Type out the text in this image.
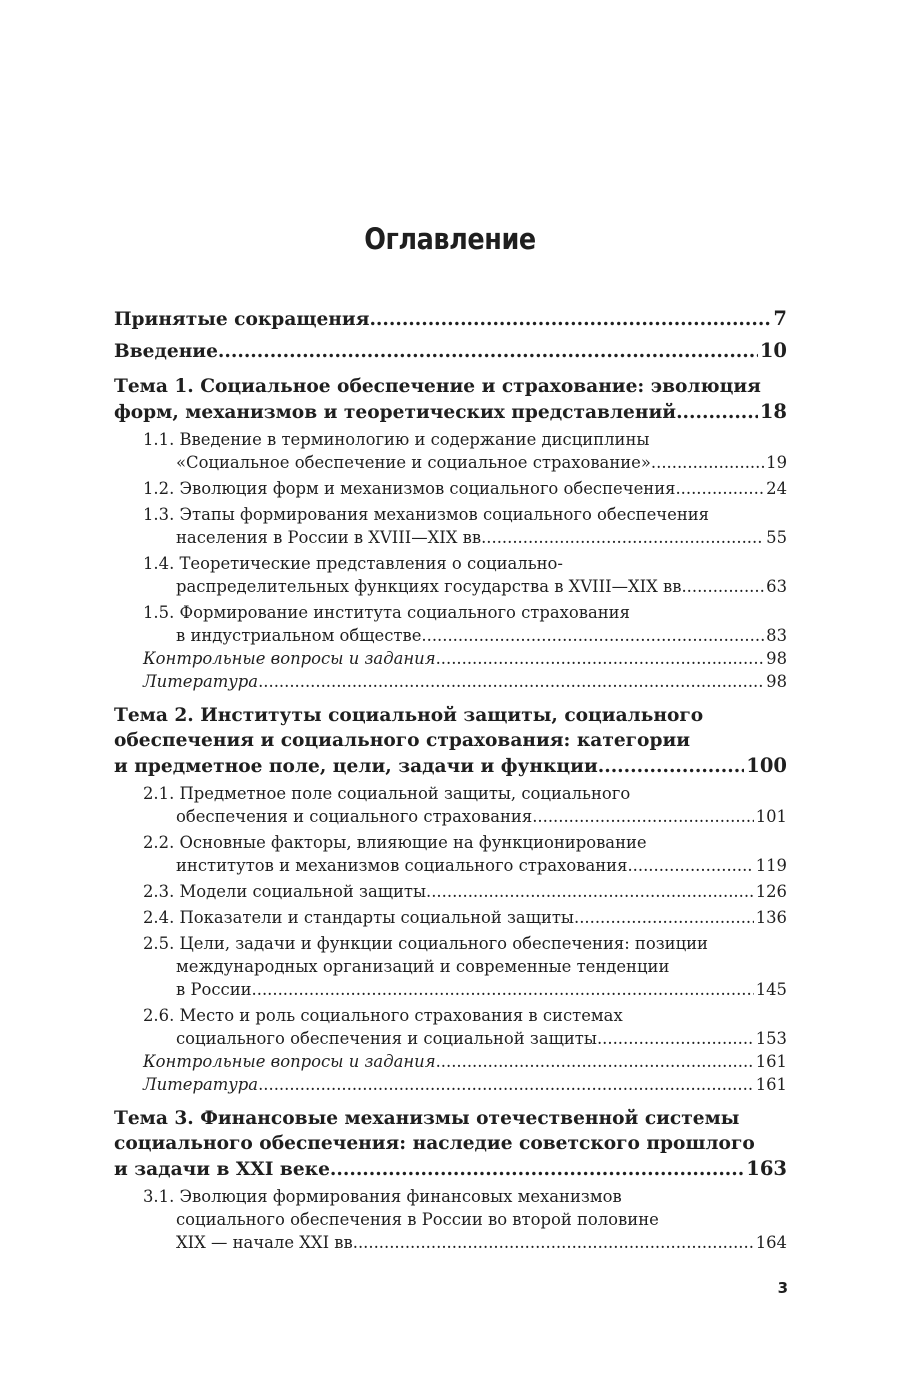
Оглавление
Принятые сокращения .....	7
Введение .....	10
Тема 1. Социальное обеспечение и страхование: эволюция
форм, механизмов и теоретических представлений .....	18
1.1. Введение в терминологию и содержание дисциплины
«Социальное обеспечение и социальное страхование» .....	19
1.2. Эволюция форм и механизмов социального обеспечения .....	24
1.3. Этапы формирования механизмов социального обеспечения
населения в России в XVIII—XIX вв. .....	55
1.4. Теоретические представления о социально-
распределительных функциях государства в XVIII—XIX вв. .....	63
1.5. Формирование института социального страхования
в индустриальном обществе .....	83
Контрольные вопросы и задания .....	98
Литература .....	98
Тема 2. Институты социальной защиты, социального
обеспечения и социального страхования: категории
и предметное поле, цели, задачи и функции .....	100
2.1. Предметное поле социальной защиты, социального
обеспечения и социального страхования .....	101
2.2. Основные факторы, влияющие на функционирование
институтов и механизмов социального страхования .....	119
2.3. Модели социальной защиты .....	126
2.4. Показатели и стандарты социальной защиты .....	136
2.5. Цели, задачи и функции социального обеспечения: позиции
международных организаций и современные тенденции
в России .....	145
2.6. Место и роль социального страхования в системах
социального обеспечения и социальной защиты .....	153
Контрольные вопросы и задания .....	161
Литература .....	161
Тема 3. Финансовые механизмы отечественной системы
социального обеспечения: наследие советского прошлого
и задачи в XXI веке .....	163
3.1. Эволюция формирования финансовых механизмов
социального обеспечения в России во второй половине
XIX — начале XXI вв. .....	164
3
